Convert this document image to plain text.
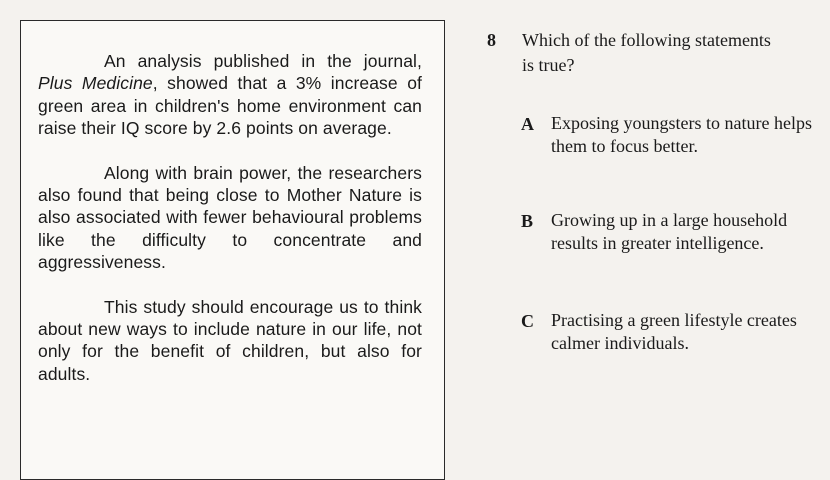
An analysis published in the journal, Plus Medicine, showed that a 3% increase of green area in children's home environment can raise their IQ score by 2.6 points on average.

Along with brain power, the researchers also found that being close to Mother Nature is also associated with fewer behavioural problems like the difficulty to concentrate and aggressiveness.

This study should encourage us to think about new ways to include nature in our life, not only for the benefit of children, but also for adults.

8	Which of the following statements is true?
A Exposing youngsters to nature helps them to focus better.
B Growing up in a large household results in greater intelligence.
C Practising a green lifestyle creates calmer individuals.
